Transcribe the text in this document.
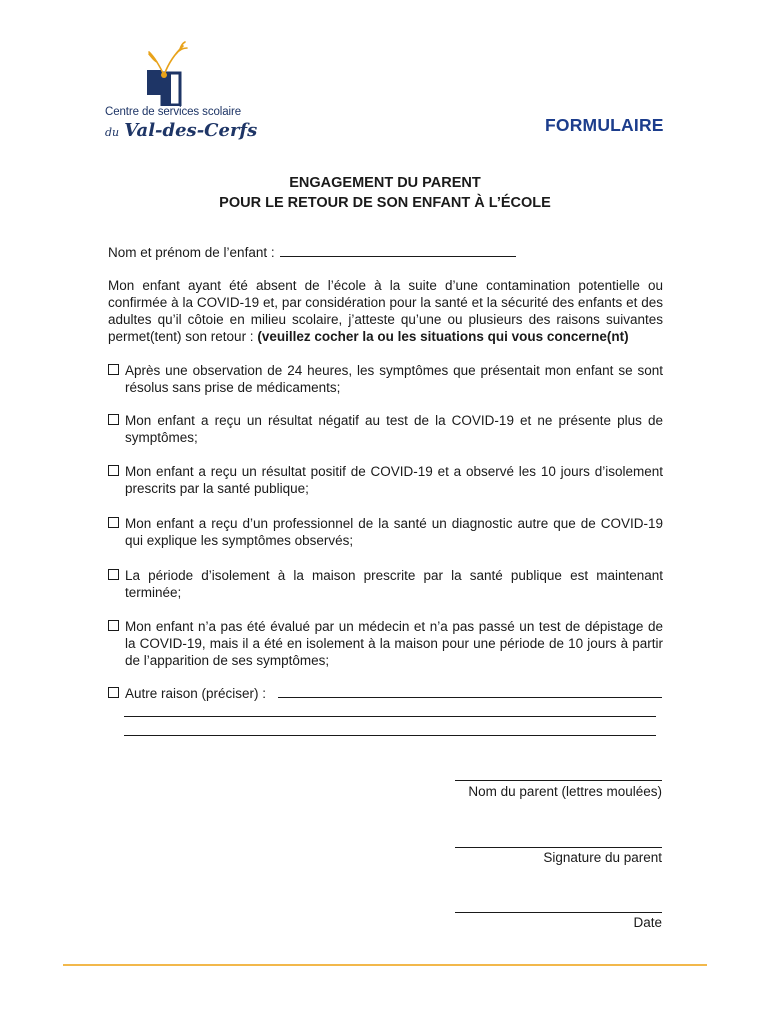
Centre de services scolaire
du Val-des-Cerfs	FORMULAIRE
ENGAGEMENT DU PARENT
POUR LE RETOUR DE SON ENFANT À L’ÉCOLE
Nom et prénom de l’enfant :
Mon enfant ayant été absent de l’école à la suite d’une contamination potentielle ou confirmée à la COVID-19 et, par considération pour la santé et la sécurité des enfants et des adultes qu’il côtoie en milieu scolaire, j’atteste qu’une ou plusieurs des raisons suivantes permet(tent) son retour : (veuillez cocher la ou les situations qui vous concerne(nt)
Après une observation de 24 heures, les symptômes que présentait mon enfant se sont résolus sans prise de médicaments;
Mon enfant a reçu un résultat négatif au test de la COVID-19 et ne présente plus de symptômes;
Mon enfant a reçu un résultat positif de COVID-19 et a observé les 10 jours d’isolement prescrits par la santé publique;
Mon enfant a reçu d’un professionnel de la santé un diagnostic autre que de COVID-19 qui explique les symptômes observés;
La période d’isolement à la maison prescrite par la santé publique est maintenant terminée;
Mon enfant n’a pas été évalué par un médecin et n’a pas passé un test de dépistage de la COVID-19, mais il a été en isolement à la maison pour une période de 10 jours à partir de l’apparition de ses symptômes;
Autre raison (préciser) :
Nom du parent (lettres moulées)
Signature du parent
Date
